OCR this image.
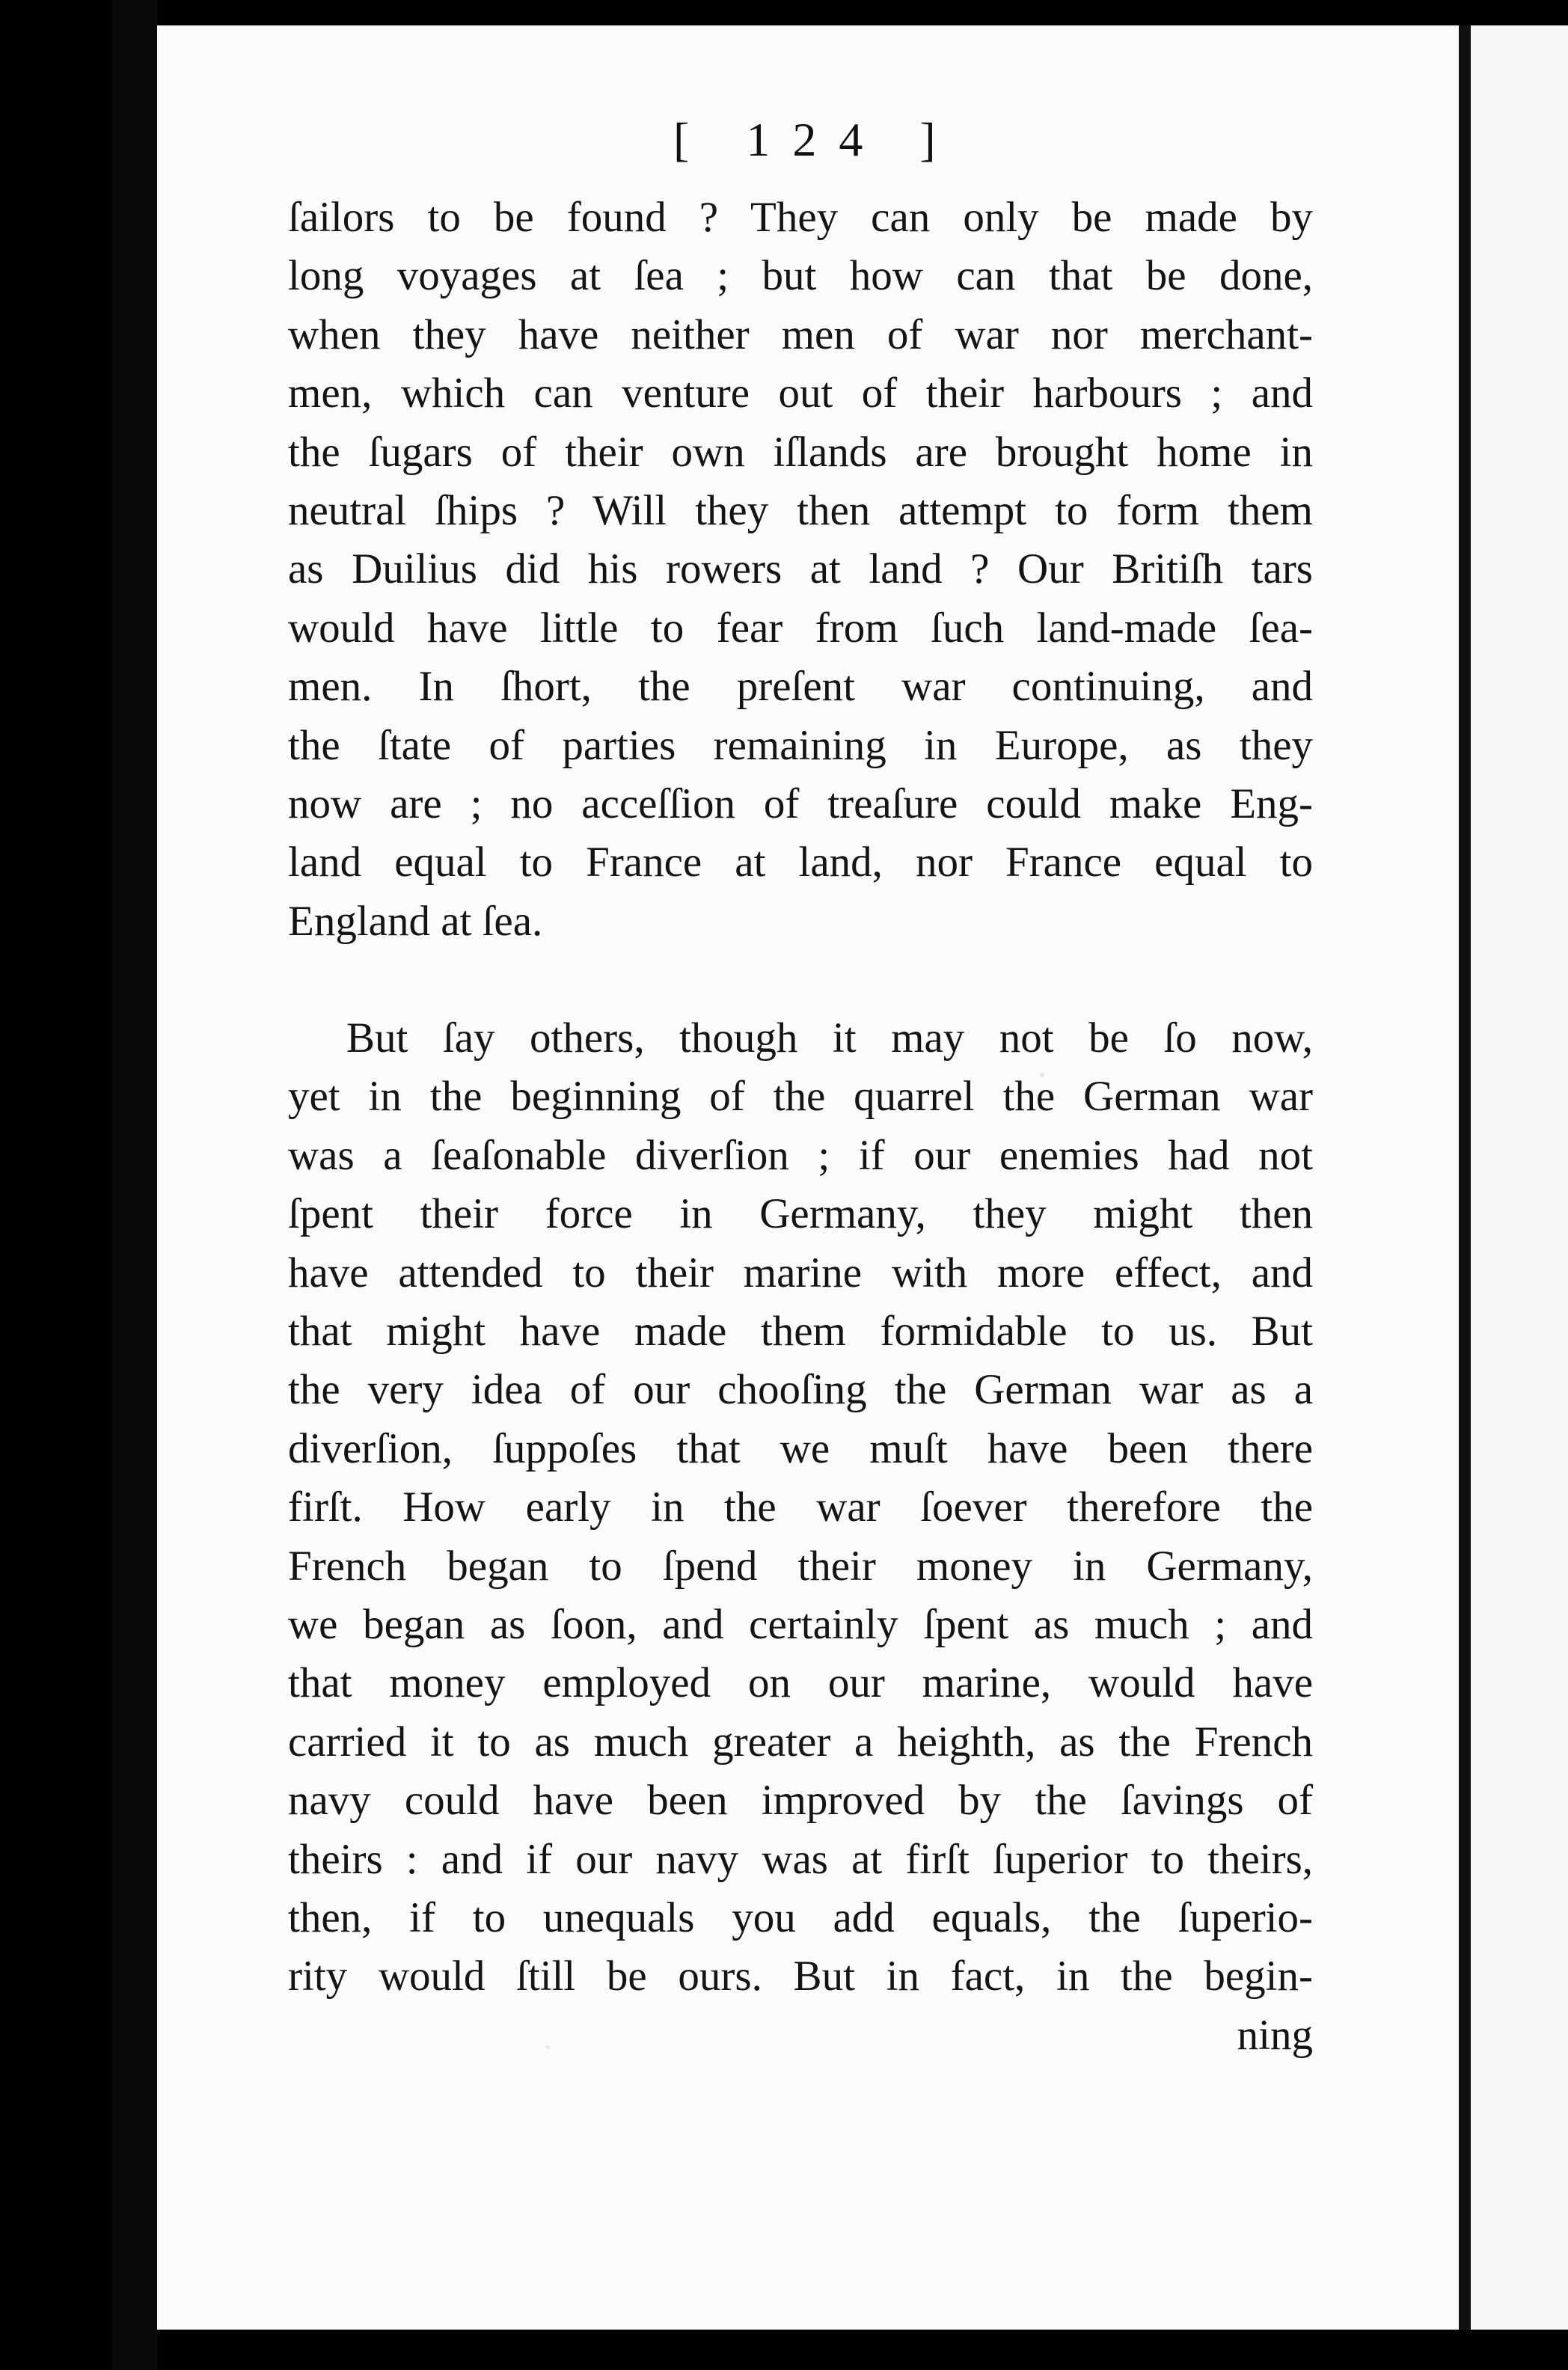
[ 124 ]
ſailors to be found ? They can only be made by
long voyages at ſea ; but how can that be done,
when they have neither men of war nor merchant-
men, which can venture out of their harbours ; and
the ſugars of their own iſlands are brought home in
neutral ſhips ? Will they then attempt to form them
as Duilius did his rowers at land ? Our Britiſh tars
would have little to fear from ſuch land-made ſea-
men. In ſhort, the preſent war continuing, and
the ſtate of parties remaining in Europe, as they
now are ; no acceſſion of treaſure could make Eng-
land equal to France at land, nor France equal to
England at ſea.
But ſay others, though it may not be ſo now,
yet in the beginning of the quarrel the German war
was a ſeaſonable diverſion ; if our enemies had not
ſpent their force in Germany, they might then
have attended to their marine with more effect, and
that might have made them formidable to us. But
the very idea of our chooſing the German war as a
diverſion, ſuppoſes that we muſt have been there
firſt. How early in the war ſoever therefore the
French began to ſpend their money in Germany,
we began as ſoon, and certainly ſpent as much ; and
that money employed on our marine, would have
carried it to as much greater a heighth, as the French
navy could have been improved by the ſavings of
theirs : and if our navy was at firſt ſuperior to theirs,
then, if to unequals you add equals, the ſuperio-
rity would ſtill be ours. But in fact, in the begin-
ning
